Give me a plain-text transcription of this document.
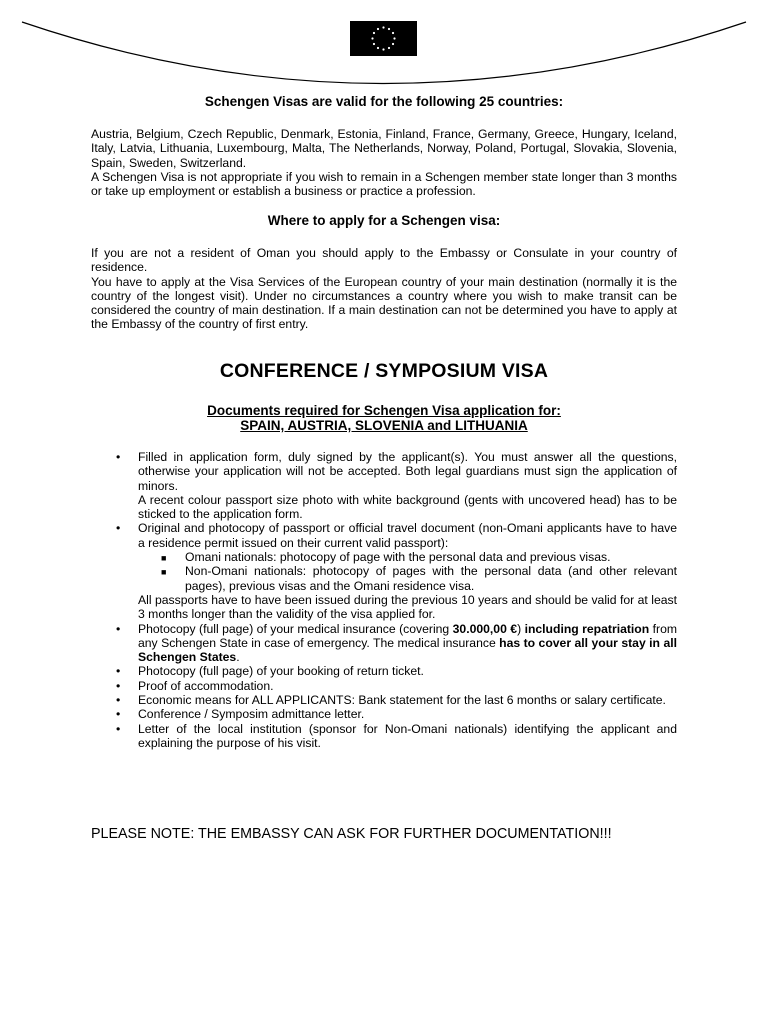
Schengen Visas are valid for the following 25 countries:

Austria, Belgium, Czech Republic, Denmark, Estonia, Finland, France, Germany, Greece, Hungary, Iceland, Italy, Latvia, Lithuania, Luxembourg, Malta, The Netherlands, Norway, Poland, Portugal, Slovakia, Slovenia, Spain, Sweden, Switzerland.

A Schengen Visa is not appropriate if you wish to remain in a Schengen member state longer than 3 months or take up employment or establish a business or practice a profession.

Where to apply for a Schengen visa:

If you are not a resident of Oman you should apply to the Embassy or Consulate in your country of residence.

You have to apply at the Visa Services of the European country of your main destination (normally it is the country of the longest visit). Under no circumstances a country where you wish to make transit can be considered the country of main destination. If a main destination can not be determined you have to apply at the Embassy of the country of first entry.

CONFERENCE / SYMPOSIUM VISA
Documents required for Schengen Visa application for:
SPAIN, AUSTRIA, SLOVENIA and LITHUANIA
• Filled in application form, duly signed by the applicant(s). You must answer all the questions, otherwise your application will not be accepted. Both legal guardians must sign the application of minors.
A recent colour passport size photo with white background (gents with uncovered head) has to be sticked to the application form.
• Original and photocopy of passport or official travel document (non-Omani applicants have to have a residence permit issued on their current valid passport):
■ Omani nationals: photocopy of page with the personal data and previous visas.
■ Non-Omani nationals: photocopy of pages with the personal data (and other relevant pages), previous visas and the Omani residence visa.
All passports have to have been issued during the previous 10 years and should be valid for at least 3 months longer than the validity of the visa applied for.
• Photocopy (full page) of your medical insurance (covering 30.000,00 €) including repatriation from any Schengen State in case of emergency. The medical insurance has to cover all your stay in all Schengen States.
• Photocopy (full page) of your booking of return ticket.
• Proof of accommodation.
• Economic means for ALL APPLICANTS: Bank statement for the last 6 months or salary certificate.
• Conference / Symposim admittance letter.
• Letter of the local institution (sponsor for Non-Omani nationals) identifying the applicant and explaining the purpose of his visit.
PLEASE NOTE: THE EMBASSY CAN ASK FOR FURTHER DOCUMENTATION!!!
